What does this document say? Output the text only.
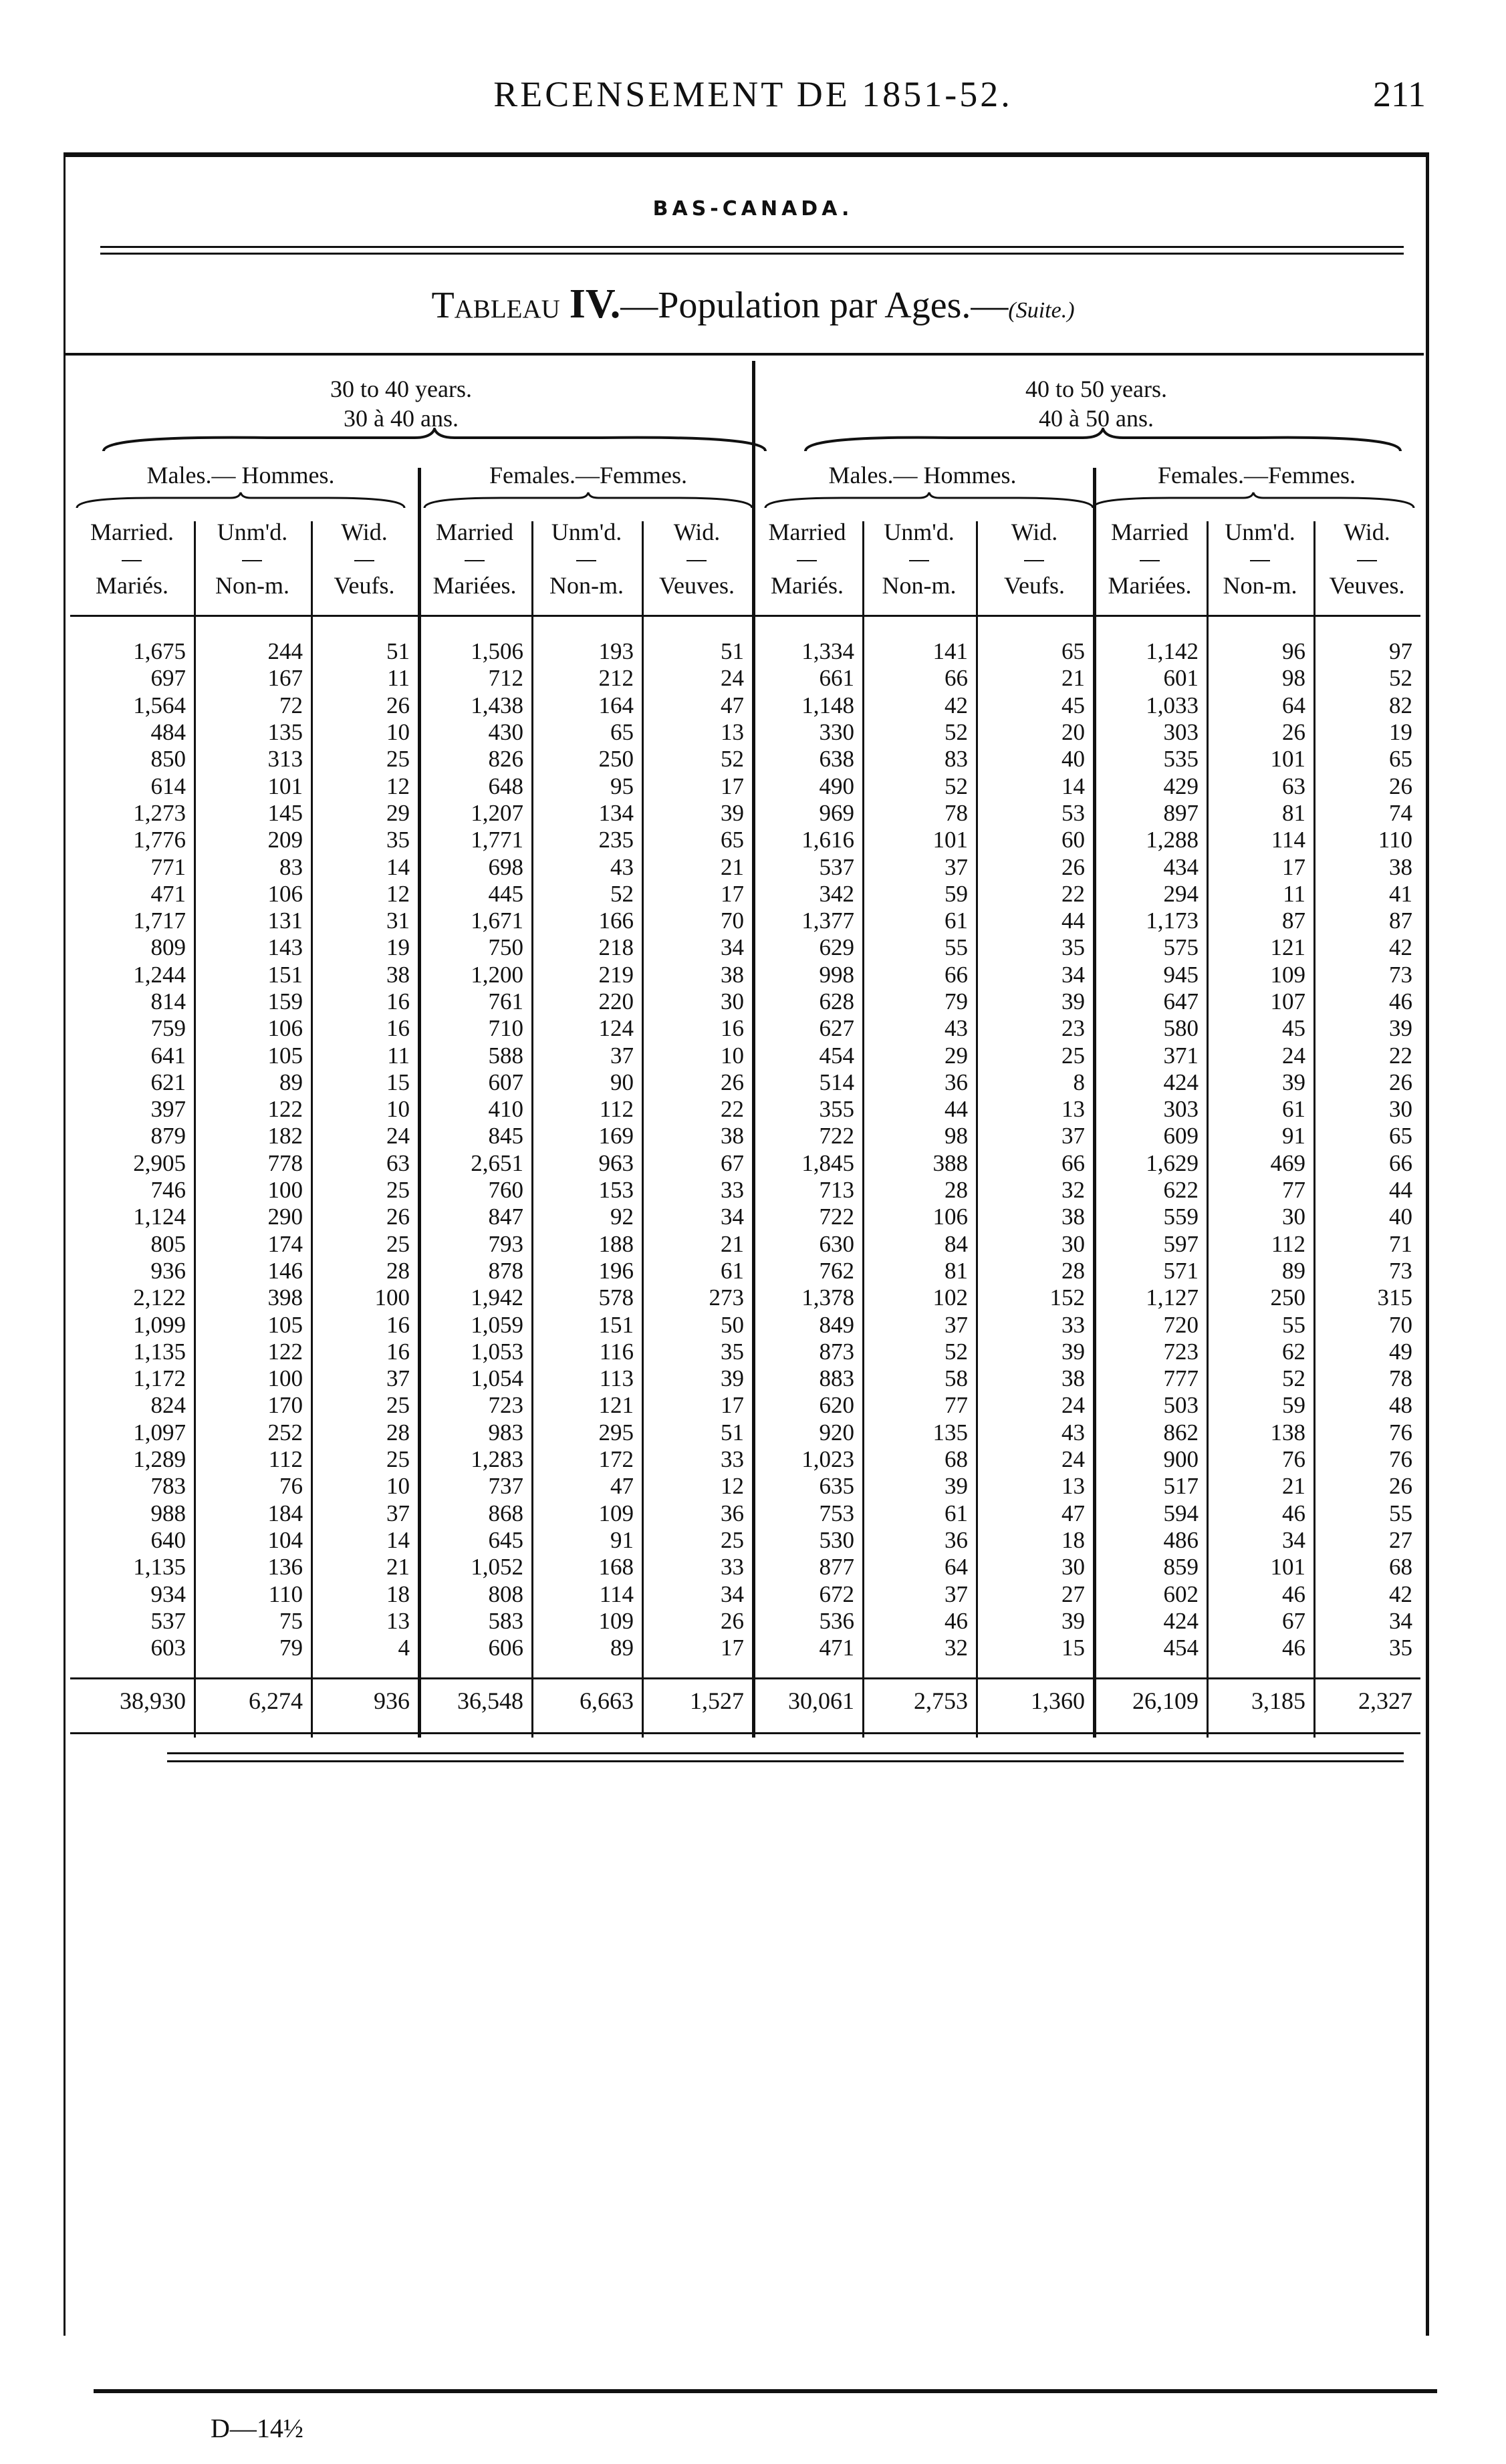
RECENSEMENT DE 1851-52.	211
BAS-CANADA.
Tableau IV.—Population par Ages.—(Suite.)
30 to 40 years.
30 à 40 ans.
40 to 50 years.
40 à 50 ans.
Males.— Hommes.	Females.—Femmes.	Males.— Hommes.	Females.—Femmes.
Married.	Unm'd.	Wid.	Married	Unm'd.	Wid.	Married	Unm'd.	Wid.	Married	Unm'd.	Wid.
Mariés.	Non-m.	Veufs.	Mariées.	Non-m.	Veuves.	Mariés.	Non-m.	Veufs.	Mariées.	Non-m.	Veuves.
1,675	244	51	1,506	193	51	1,334	141	65	1,142	96	97
697	167	11	712	212	24	661	66	21	601	98	52
1,564	72	26	1,438	164	47	1,148	42	45	1,033	64	82
484	135	10	430	65	13	330	52	20	303	26	19
850	313	25	826	250	52	638	83	40	535	101	65
614	101	12	648	95	17	490	52	14	429	63	26
1,273	145	29	1,207	134	39	969	78	53	897	81	74
1,776	209	35	1,771	235	65	1,616	101	60	1,288	114	110
771	83	14	698	43	21	537	37	26	434	17	38
471	106	12	445	52	17	342	59	22	294	11	41
1,717	131	31	1,671	166	70	1,377	61	44	1,173	87	87
809	143	19	750	218	34	629	55	35	575	121	42
1,244	151	38	1,200	219	38	998	66	34	945	109	73
814	159	16	761	220	30	628	79	39	647	107	46
759	106	16	710	124	16	627	43	23	580	45	39
641	105	11	588	37	10	454	29	25	371	24	22
621	89	15	607	90	26	514	36	8	424	39	26
397	122	10	410	112	22	355	44	13	303	61	30
879	182	24	845	169	38	722	98	37	609	91	65
2,905	778	63	2,651	963	67	1,845	388	66	1,629	469	66
746	100	25	760	153	33	713	28	32	622	77	44
1,124	290	26	847	92	34	722	106	38	559	30	40
805	174	25	793	188	21	630	84	30	597	112	71
936	146	28	878	196	61	762	81	28	571	89	73
2,122	398	100	1,942	578	273	1,378	102	152	1,127	250	315
1,099	105	16	1,059	151	50	849	37	33	720	55	70
1,135	122	16	1,053	116	35	873	52	39	723	62	49
1,172	100	37	1,054	113	39	883	58	38	777	52	78
824	170	25	723	121	17	620	77	24	503	59	48
1,097	252	28	983	295	51	920	135	43	862	138	76
1,289	112	25	1,283	172	33	1,023	68	24	900	76	76
783	76	10	737	47	12	635	39	13	517	21	26
988	184	37	868	109	36	753	61	47	594	46	55
640	104	14	645	91	25	530	36	18	486	34	27
1,135	136	21	1,052	168	33	877	64	30	859	101	68
934	110	18	808	114	34	672	37	27	602	46	42
537	75	13	583	109	26	536	46	39	424	67	34
603	79	4	606	89	17	471	32	15	454	46	35
38,930	6,274	936	36,548	6,663	1,527	30,061	2,753	1,360	26,109	3,185	2,327
D—14½
